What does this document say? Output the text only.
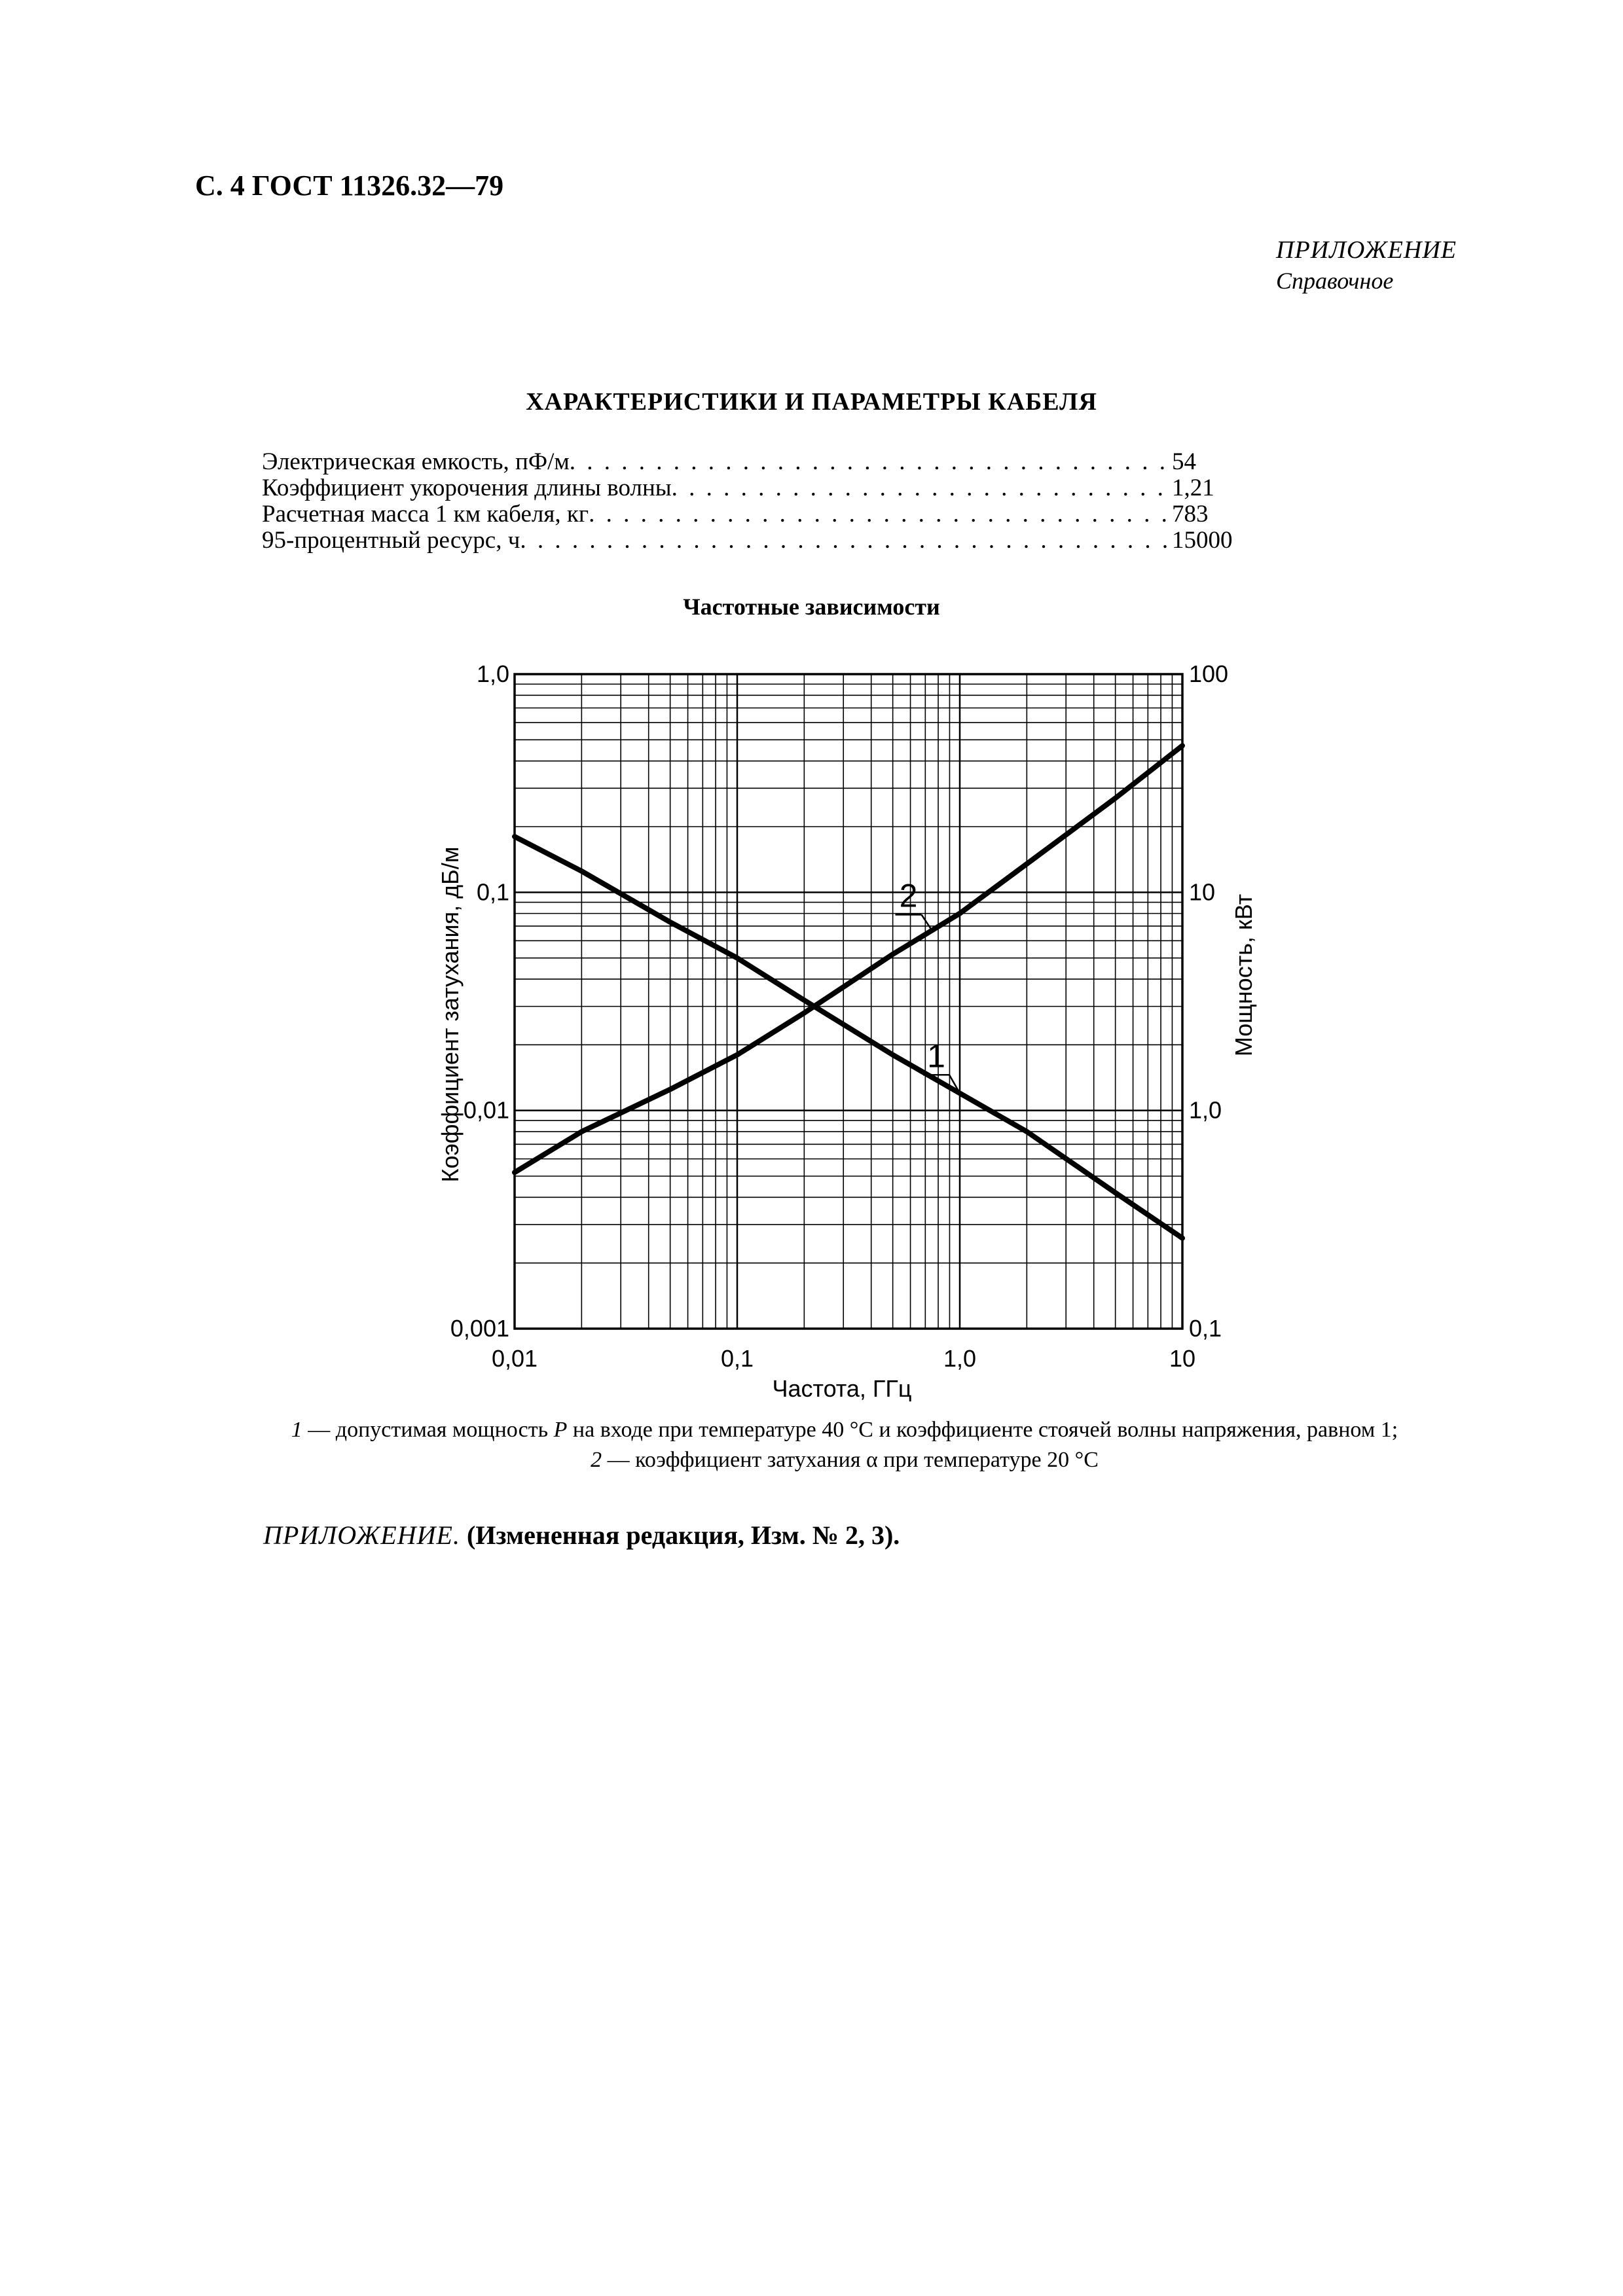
С. 4 ГОСТ 11326.32—79
ПРИЛОЖЕНИЕ
Справочное
ХАРАКТЕРИСТИКИ И ПАРАМЕТРЫ КАБЕЛЯ
Электрическая емкость, пФ/м . . .	54
Коэффициент укорочения длины волны . . .	1,21
Расчетная масса 1 км кабеля, кг . . .	783
95-процентный ресурс, ч . . .	15000
Частотные зависимости
1
2
0,01	0,1	1,0	10
0,001
0,01
0,1
1,0
0,1
1,0
10
100
Частота, ГГц
Коэффициент затухания, дБ/м	Мощность, кВт
1 — допустимая мощность P на входе при температуре 40 °С и коэффициенте стоячей волны напряжения, равном 1;
2 — коэффициент затухания α при температуре 20 °С
ПРИЛОЖЕНИЕ. (Измененная редакция, Изм. № 2, 3).
